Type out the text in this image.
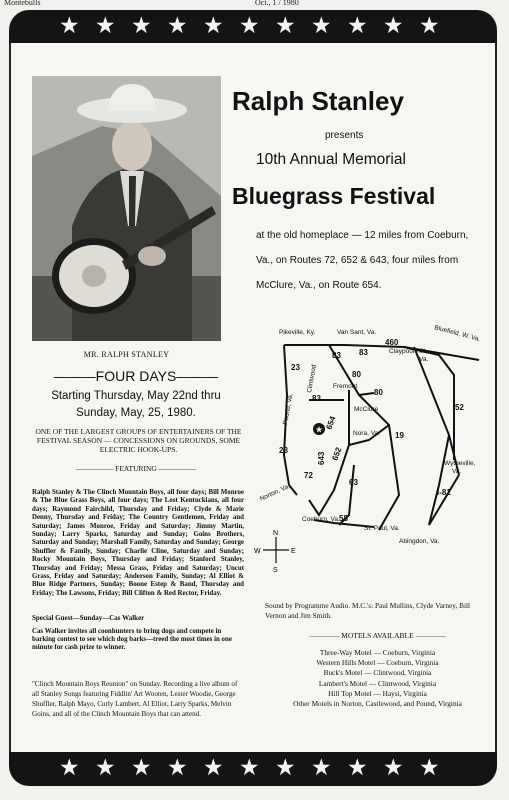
Montebulls	Oct., 1 / 1980
★ ★ ★ ★ ★ ★ ★ ★ ★ ★ ★
MR. RALPH STANLEY
———FOUR DAYS———
Starting Thursday, May 22nd thru
Sunday, May, 25, 1980.
ONE OF THE LARGEST GROUPS OF ENTERTAINERS OF THE FESTIVAL SEASON — CONCESSIONS ON GROUNDS, SOME ELECTRIC HOOK-UPS.
————— FEATURING —————
Ralph Stanley & The Clinch Mountain Boys, all four days; Bill Monroe & The Blue Grass Boys, all four days; The Lost Kentuckians, all four days; Raymond Fairchild, Thursday and Friday; Clyde & Marie Denny, Thursday and Friday; The Country Gentlemen, Friday and Saturday; James Monroe, Friday and Saturday; Jimmy Martin, Sunday; Larry Sparks, Saturday and Sunday; Goins Brothers, Saturday and Sunday; Marshall Family, Saturday and Sunday; George Shuffler & Family, Sunday; Charlie Cline, Saturday and Sunday; Rocky Mountain Boys, Thursday and Friday; Stanford Stanley, Thursday and Friday; Messa Grass, Friday and Saturday; Uncut Grass, Friday and Saturday; Anderson Family, Sunday; Al Elliot & Blue Ridge Partners, Sunday; Boone Estep & Band, Thursday and Friday; The Lawsons, Friday; Bill Clifton & Red Rector, Friday.
Special Guest—Sunday—Cas Walker
Cas Walker invites all coonhunters to bring dogs and compete in barking contest to see which dog barks—treed the most times in one minute for cash prize to winner.
"Clinch Mountain Boys Reunion" on Sunday. Recording a live album of all Stanley Songs featuring Fiddlin' Art Wooten, Lester Woodie, George Shuffler, Ralph Mayo, Curly Lambert, Al Elliot, Larry Sparks, Melvin Goins, and all of the Clinch Mountain Boys that can attend.
Ralph Stanley
presents
10th Annual Memorial
Bluegrass Festival
at the old homeplace — 12 miles from Coeburn,
Va., on Routes 72, 652 & 643, four miles from
McClure, Va., on Route 654.
★
Pikeville, Ky.	Van Sant, Va.	Bluefield, W. Va.
Claypool Hill,
Va.
Clintwood Fremont
McClure
Pound, Va.
Nora, Va.
Wytheville,
Va.
Norton, Va.
Coeburn, Va.
St. Paul, Va.
Abingdon, Va.
460
83 83
83
80
80
23
23
654
652
643
72
63
19
52
I-81
58
N
S
E
W
Sound by Programme Audio. M.C.'s: Paul Mullins, Clyde Varney, Bill Vernon and Jim Smith.
———— MOTELS AVAILABLE ————
Three-Way Motel — Coeburn, Virginia
Western Hills Motel — Coeburn, Virginia
Buck's Motel — Clintwood, Virginia
Lambert's Motel — Clintwood, Virginia
Hill Top Motel — Haysi, Virginia
Other Motels in Norton, Castlewood, and Pound, Virginia
★ ★ ★ ★ ★ ★ ★ ★ ★ ★ ★
